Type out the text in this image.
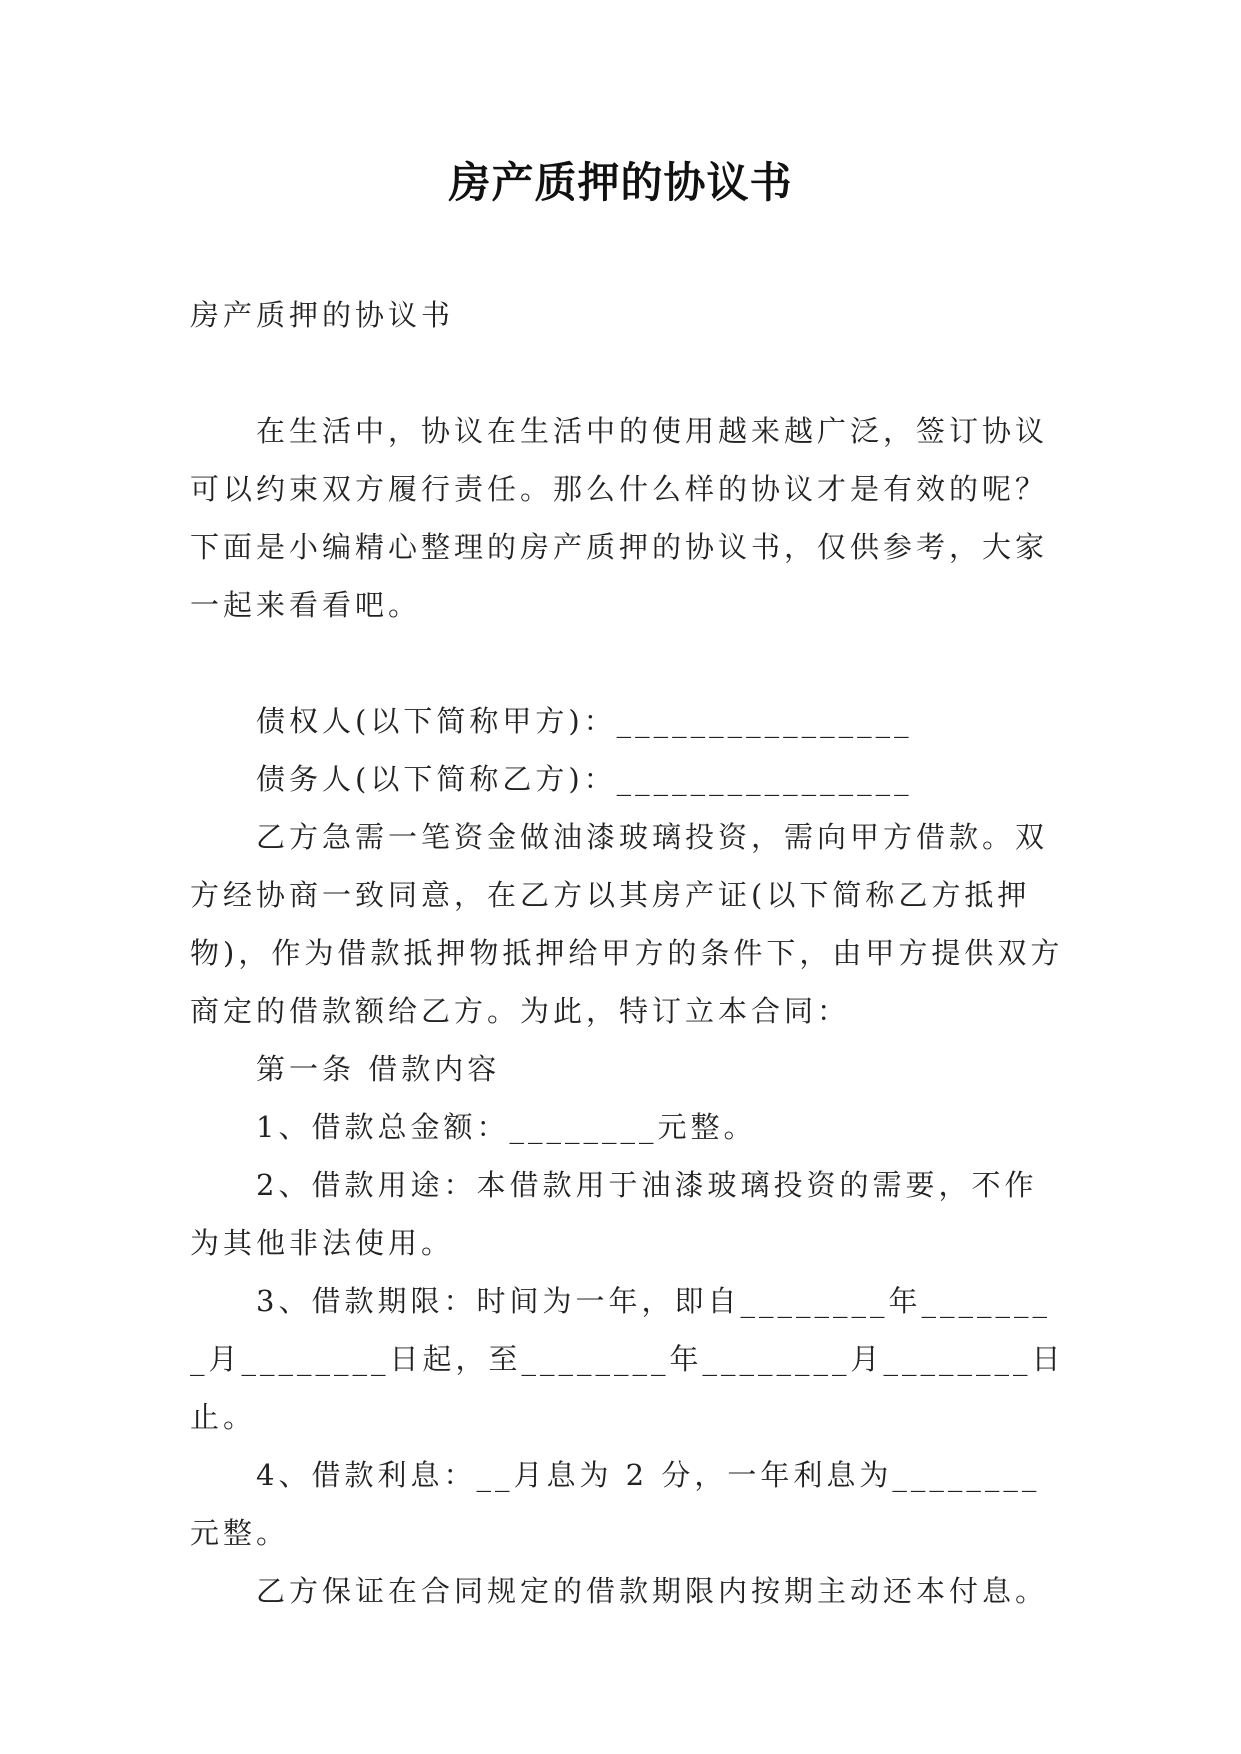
房产质押的协议书

房产质押的协议书

在生活中，协议在生活中的使用越来越广泛，签订协议可以约束双方履行责任。那么什么样的协议才是有效的呢？下面是小编精心整理的房产质押的协议书，仅供参考，大家一起来看看吧。

债权人(以下简称甲方)：________________

债务人(以下简称乙方)：________________

乙方急需一笔资金做油漆玻璃投资，需向甲方借款。双方经协商一致同意，在乙方以其房产证(以下简称乙方抵押物)，作为借款抵押物抵押给甲方的条件下，由甲方提供双方商定的借款额给乙方。为此，特订立本合同：

第一条 借款内容

1、借款总金额：________元整。

2、借款用途：本借款用于油漆玻璃投资的需要，不作为其他非法使用。

3、借款期限：时间为一年，即自________年________月________日起，至________年________月________日止。

4、借款利息：__月息为 2 分，一年利息为________元整。

乙方保证在合同规定的借款期限内按期主动还本付息。
